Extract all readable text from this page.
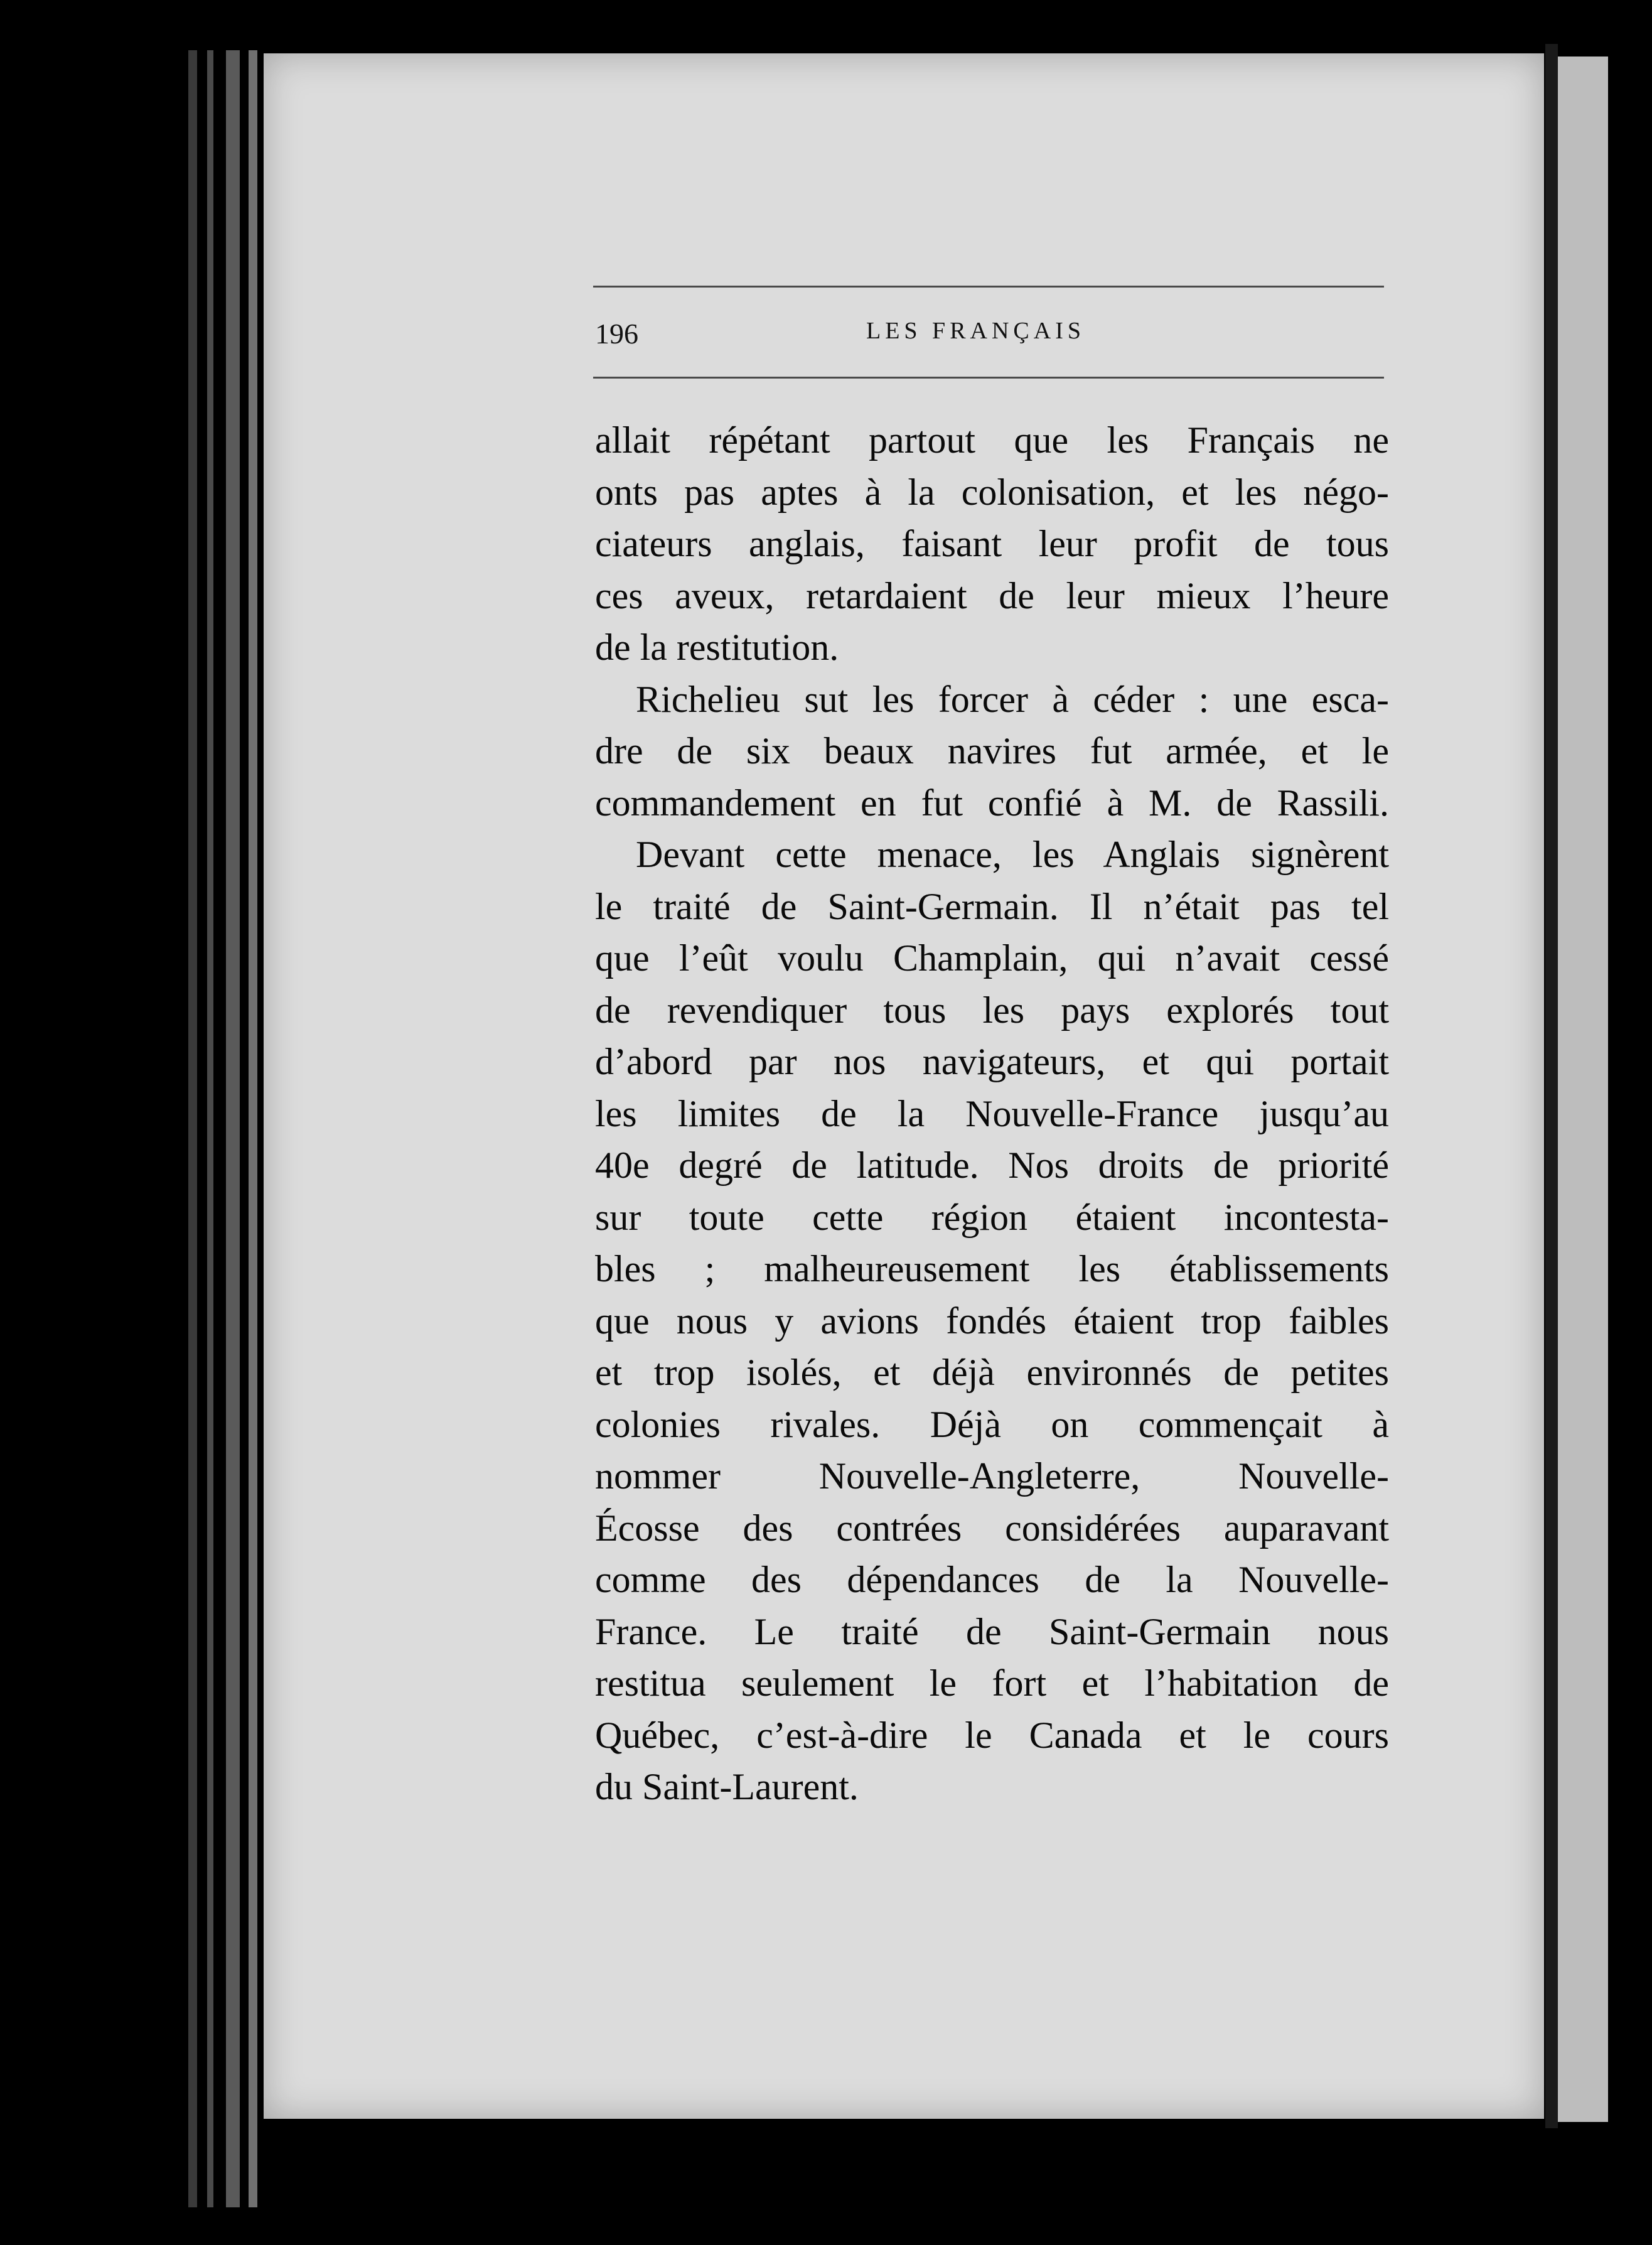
196	LES FRANÇAIS
allait répétant partout que les Français ne
onts pas aptes à la colonisation, et les négo-
ciateurs anglais, faisant leur profit de tous
ces aveux, retardaient de leur mieux l’heure
de la restitution.
Richelieu sut les forcer à céder : une esca-
dre de six beaux navires fut armée, et le
commandement en fut confié à M. de Rassili.
Devant cette menace, les Anglais signèrent
le traité de Saint-Germain. Il n’était pas tel
que l’eût voulu Champlain, qui n’avait cessé
de revendiquer tous les pays explorés tout
d’abord par nos navigateurs, et qui portait
les limites de la Nouvelle-France jusqu’au
40e degré de latitude. Nos droits de priorité
sur toute cette région étaient incontesta-
bles ; malheureusement les établissements
que nous y avions fondés étaient trop faibles
et trop isolés, et déjà environnés de petites
colonies rivales. Déjà on commençait à
nommer Nouvelle-Angleterre, Nouvelle-
Écosse des contrées considérées auparavant
comme des dépendances de la Nouvelle-
France. Le traité de Saint-Germain nous
restitua seulement le fort et l’habitation de
Québec, c’est-à-dire le Canada et le cours
du Saint-Laurent.
